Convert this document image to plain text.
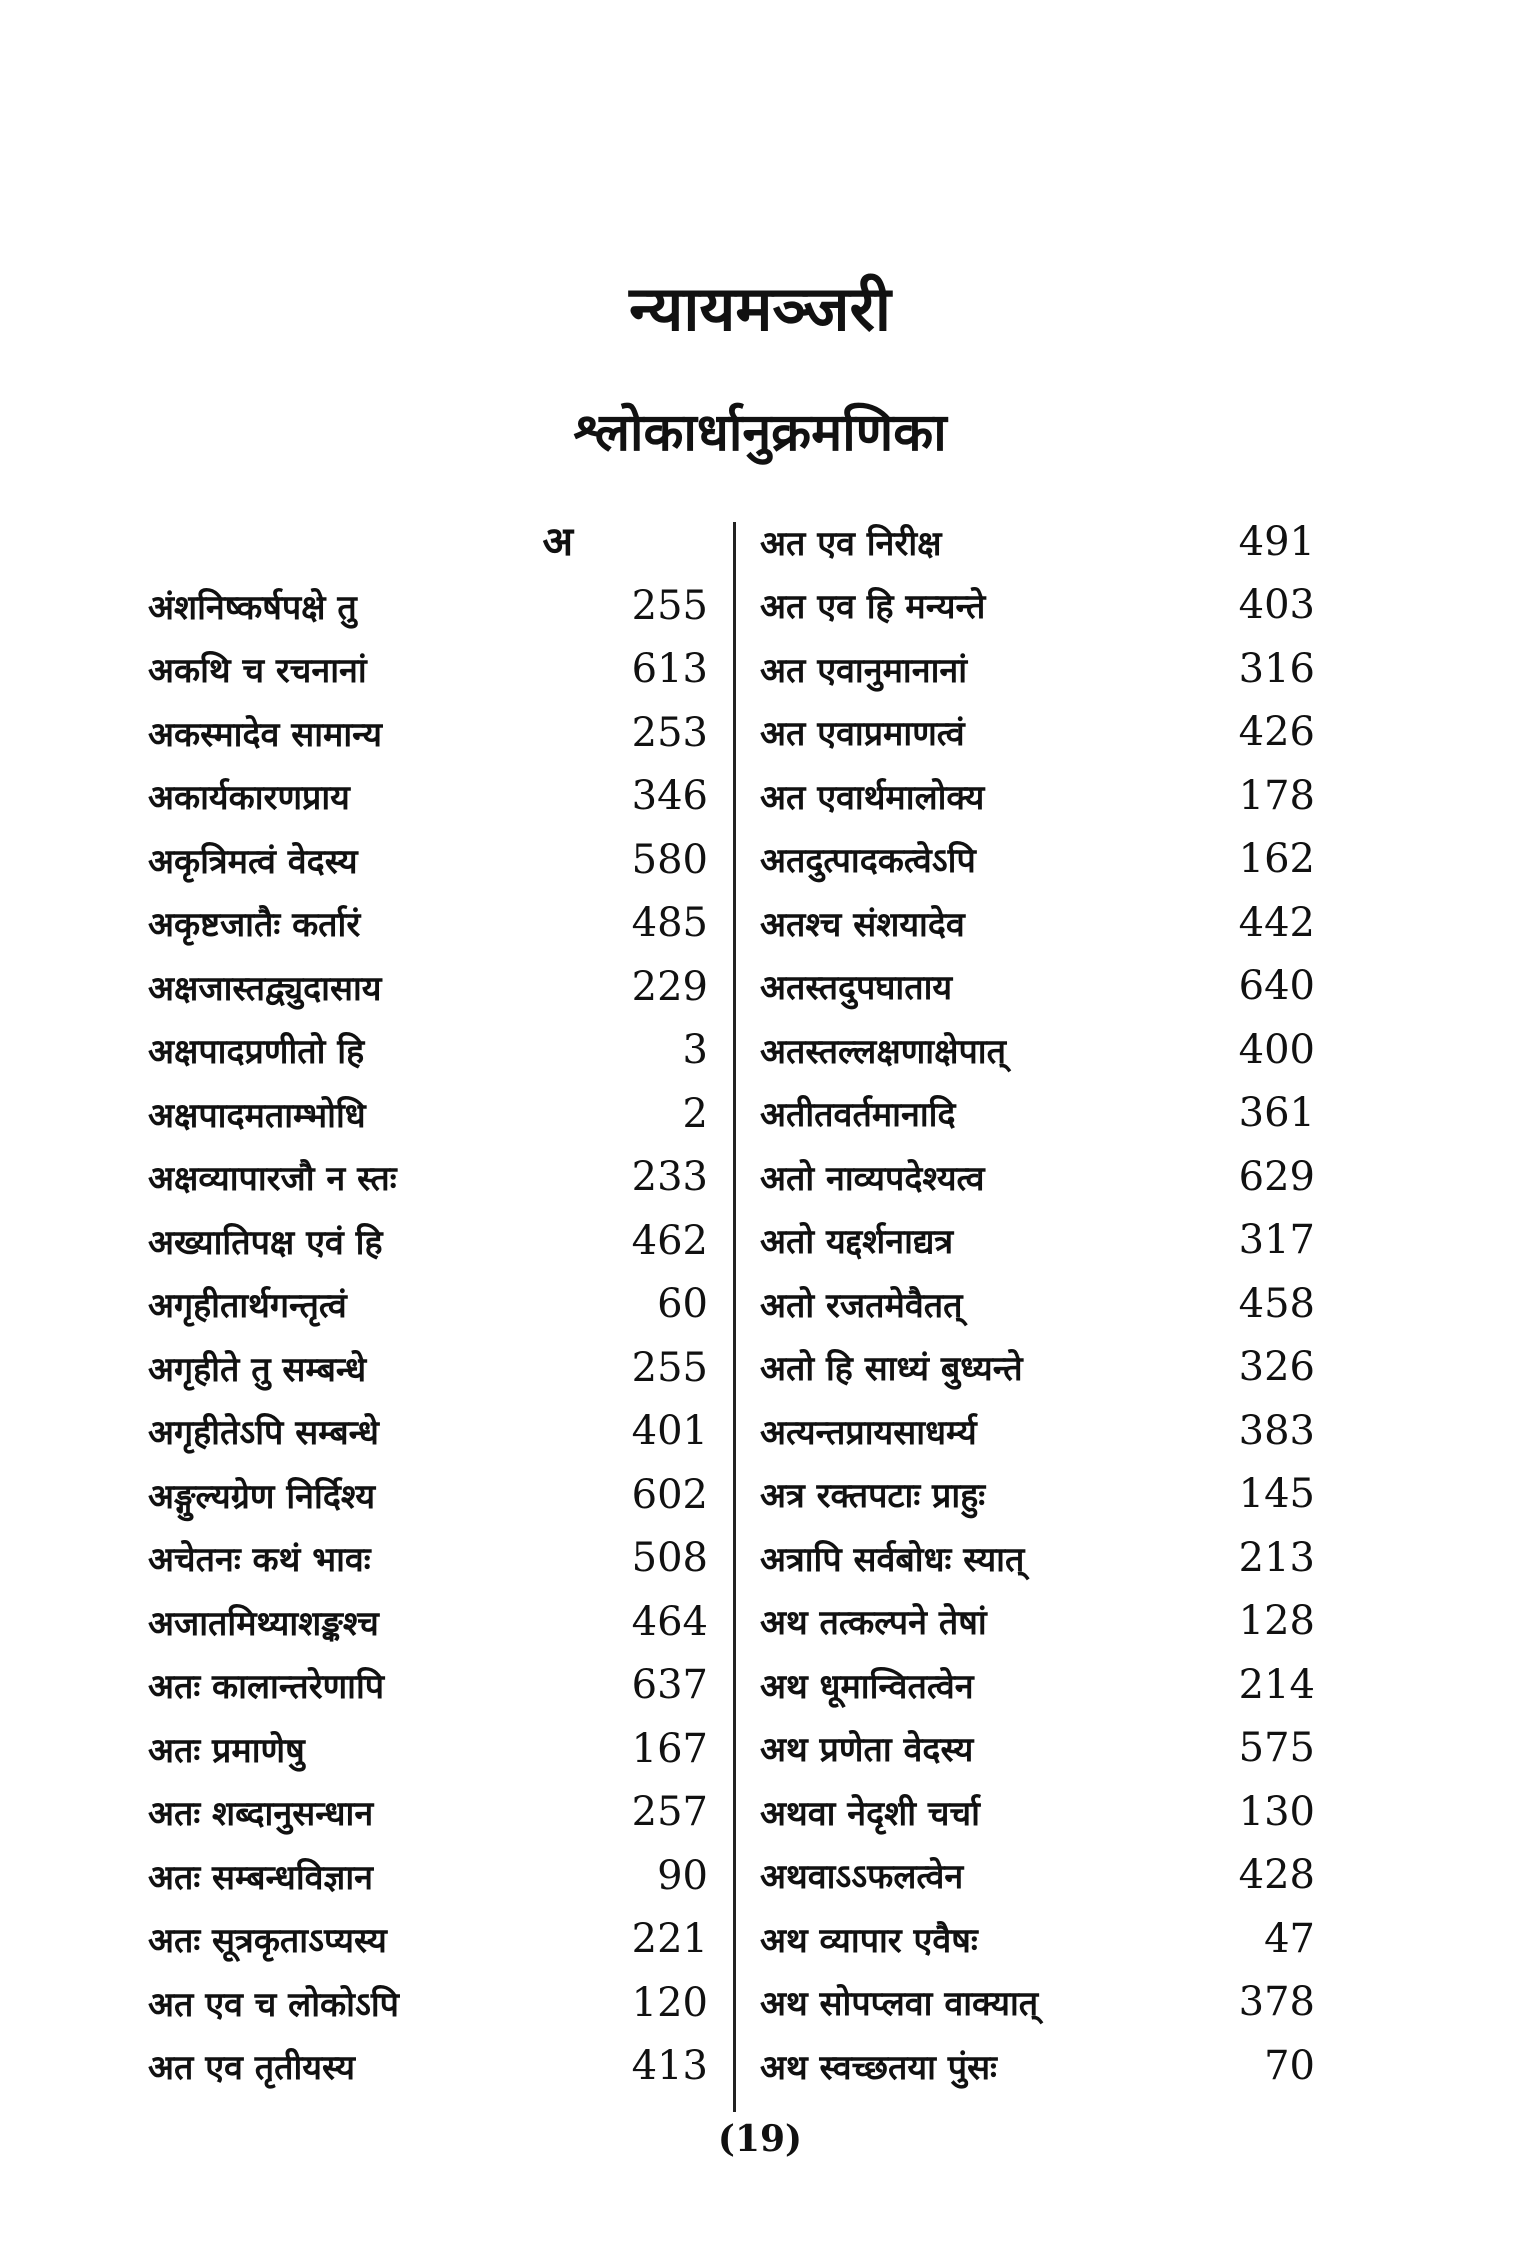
न्यायमञ्जरी
श्लोकार्धानुक्रमणिका
अ
अंशनिष्कर्षपक्षे तु	255
अकथि च रचनानां	613
अकस्मादेव सामान्य	253
अकार्यकारणप्राय	346
अकृत्रिमत्वं वेदस्य	580
अकृष्टजातैः कर्तारं	485
अक्षजास्तद्व्युदासाय	229
अक्षपादप्रणीतो हि	3
अक्षपादमताम्भोधि	2
अक्षव्यापारजौ न स्तः	233
अख्यातिपक्ष एवं हि	462
अगृहीतार्थगन्तृत्वं	60
अगृहीते तु सम्बन्धे	255
अगृहीतेऽपि सम्बन्धे	401
अङ्गुल्यग्रेण निर्दिश्य	602
अचेतनः कथं भावः	508
अजातमिथ्याशङ्कश्च	464
अतः कालान्तरेणापि	637
अतः प्रमाणेषु	167
अतः शब्दानुसन्धान	257
अतः सम्बन्धविज्ञान	90
अतः सूत्रकृताऽप्यस्य	221
अत एव च लोकोऽपि	120
अत एव तृतीयस्य	413
अत एव निरीक्ष	491
अत एव हि मन्यन्ते	403
अत एवानुमानानां	316
अत एवाप्रमाणत्वं	426
अत एवार्थमालोक्य	178
अतदुत्पादकत्वेऽपि	162
अतश्च संशयादेव	442
अतस्तदुपघाताय	640
अतस्तल्लक्षणाक्षेपात्	400
अतीतवर्तमानादि	361
अतो नाव्यपदेश्यत्व	629
अतो यद्दर्शनाद्यत्र	317
अतो रजतमेवैतत्	458
अतो हि साध्यं बुध्यन्ते	326
अत्यन्तप्रायसाधर्म्य	383
अत्र रक्तपटाः प्राहुः	145
अत्रापि सर्वबोधः स्यात्	213
अथ तत्कल्पने तेषां	128
अथ धूमान्वितत्वेन	214
अथ प्रणेता वेदस्य	575
अथवा नेदृशी चर्चा	130
अथवाऽऽफलत्वेन	428
अथ व्यापार एवैषः	47
अथ सोपप्लवा वाक्यात्	378
अथ स्वच्छतया पुंसः	70
(19)
